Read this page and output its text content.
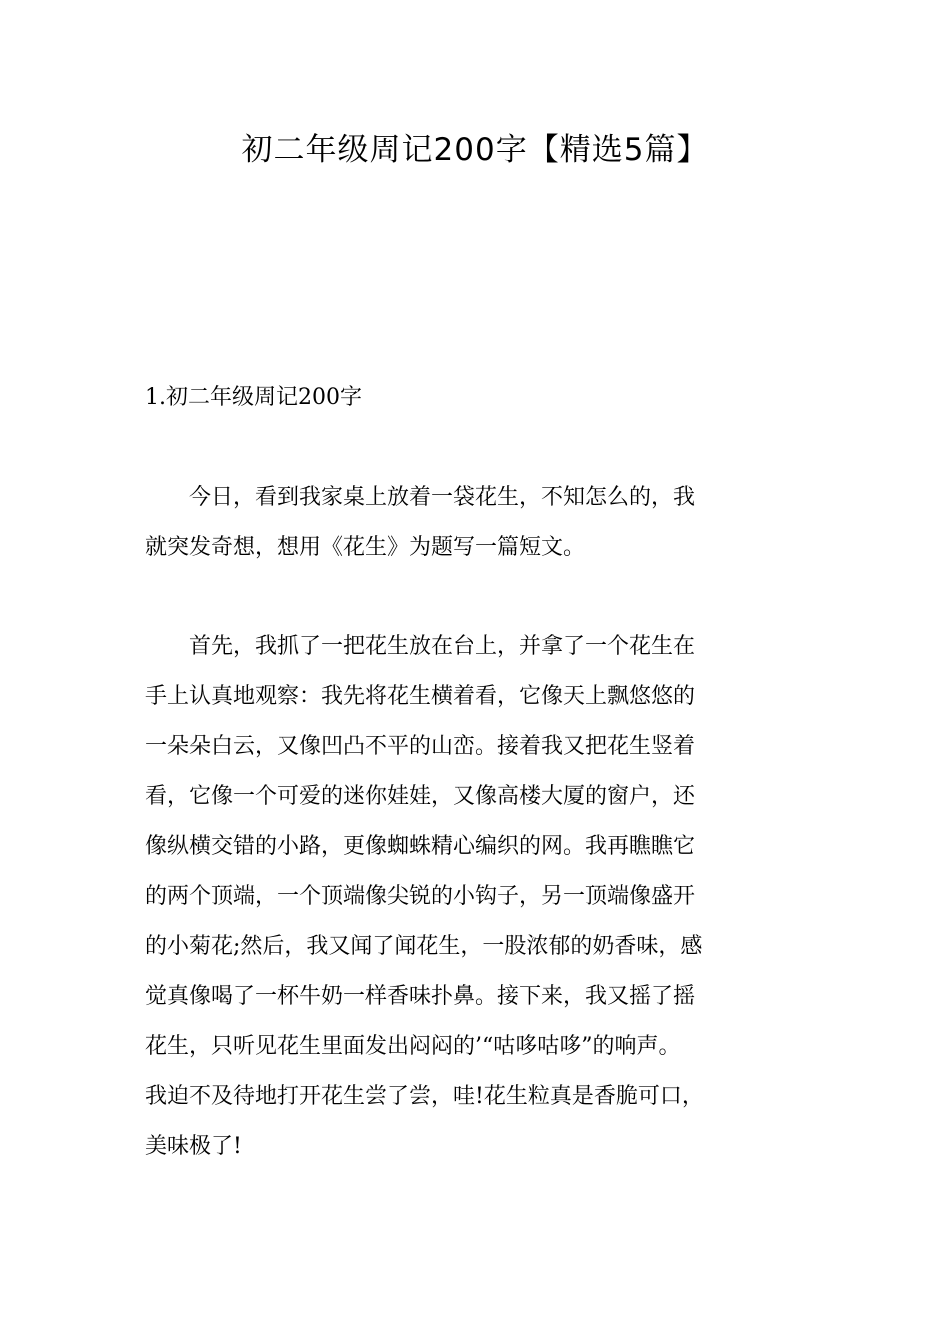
初二年级周记200字【精选5篇】
1.初二年级周记200字

今日，看到我家桌上放着一袋花生，不知怎么的，我
就突发奇想，想用《花生》为题写一篇短文。

首先，我抓了一把花生放在台上，并拿了一个花生在
手上认真地观察：我先将花生横着看，它像天上飘悠悠的
一朵朵白云，又像凹凸不平的山峦。接着我又把花生竖着
看，它像一个可爱的迷你娃娃，又像高楼大厦的窗户，还
像纵横交错的小路，更像蜘蛛精心编织的网。我再瞧瞧它
的两个顶端，一个顶端像尖锐的小钩子，另一顶端像盛开
的小菊花;然后，我又闻了闻花生，一股浓郁的奶香味，感
觉真像喝了一杯牛奶一样香味扑鼻。接下来，我又摇了摇
花生，只听见花生里面发出闷闷的’“咕哆咕哆”的响声。
我迫不及待地打开花生尝了尝，哇!花生粒真是香脆可口，
美味极了!
